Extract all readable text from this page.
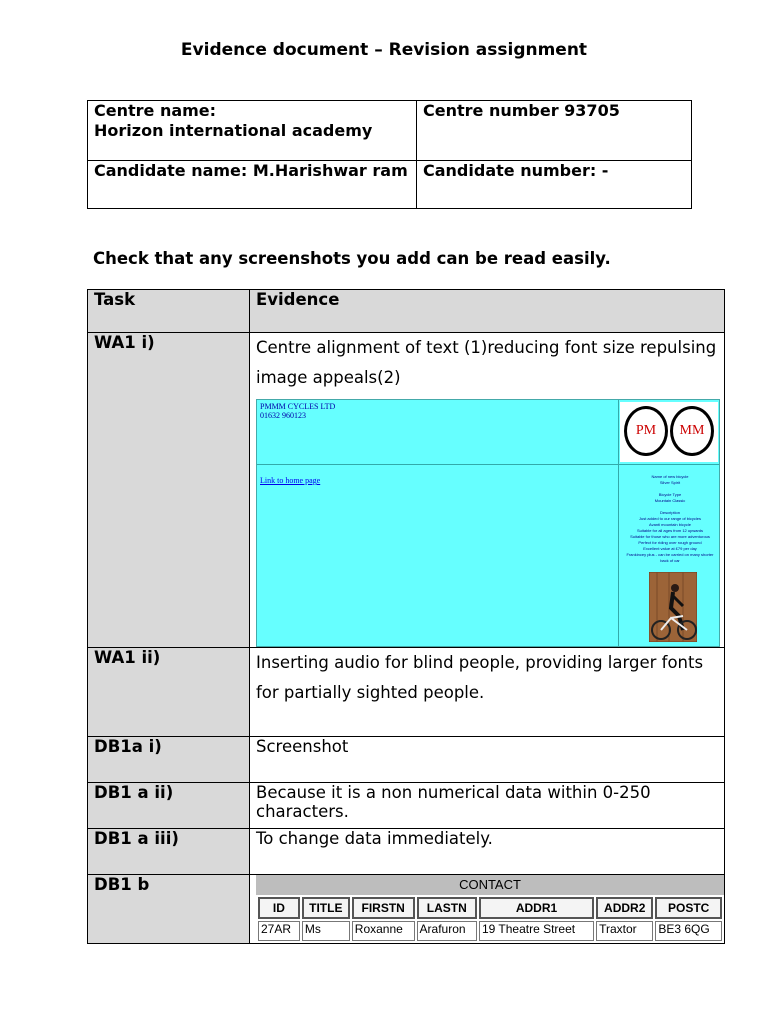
Evidence document – Revision assignment
Centre name:
Horizon international academy	Centre number 93705
Candidate name: M.Harishwar ram	Candidate number: -
Check that any screenshots you add can be read easily.
Task	Evidence
WA1 i)	Centre alignment of text (1)reducing font size repulsing image appeals(2)
PMMM CYCLES LTD
01632 960123
Link to home page
PM	MM
Name of new bicycle
Silver Spirit
Bicycle Type
Mountain Classic
Description
Just added to our range of bicycles
Avanti mountain bicycle
Suitable for all ages from 12 upwards
Suitable for those who are more adventurous
Perfect for riding over rough ground
Excellent value at £79 per day
Frankincey plus - can be carried on many shorter back of car

WA1 ii)	Inserting audio for blind people, providing larger fonts for partially sighted people.
DB1a i)	Screenshot
DB1 a ii)	Because it is a non numerical data within 0-250 characters.
DB1 a iii)	To change data immediately.
DB1 b	CONTACT
ID	TITLE	FIRSTN	LASTN	ADDR1	ADDR2	POSTC
27AR	Ms	Roxanne	Arafuron	19 Theatre Street	Traxtor	BE3 6QG
